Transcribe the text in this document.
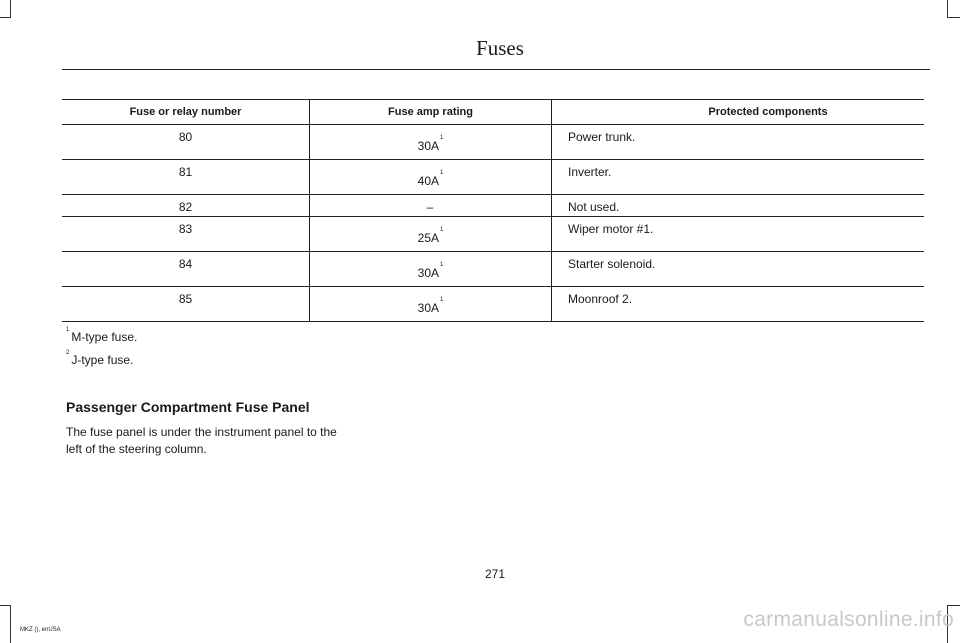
Fuses
Fuse or relay number	Fuse amp rating	Protected components

80	30A$^1$	Power trunk.

81	40A$^1$	Inverter.

82	–	Not used.

83	25A$^1$	Wiper motor #1.

84	30A$^1$	Starter solenoid.

85	30A$^1$	Moonroof 2.
$^1$ M-type fuse.
$^2$ J-type fuse.
Passenger Compartment Fuse Panel
The fuse panel is under the instrument panel to the left of the steering column.
271
MKZ (), enUSA	carmanualsonline.info
